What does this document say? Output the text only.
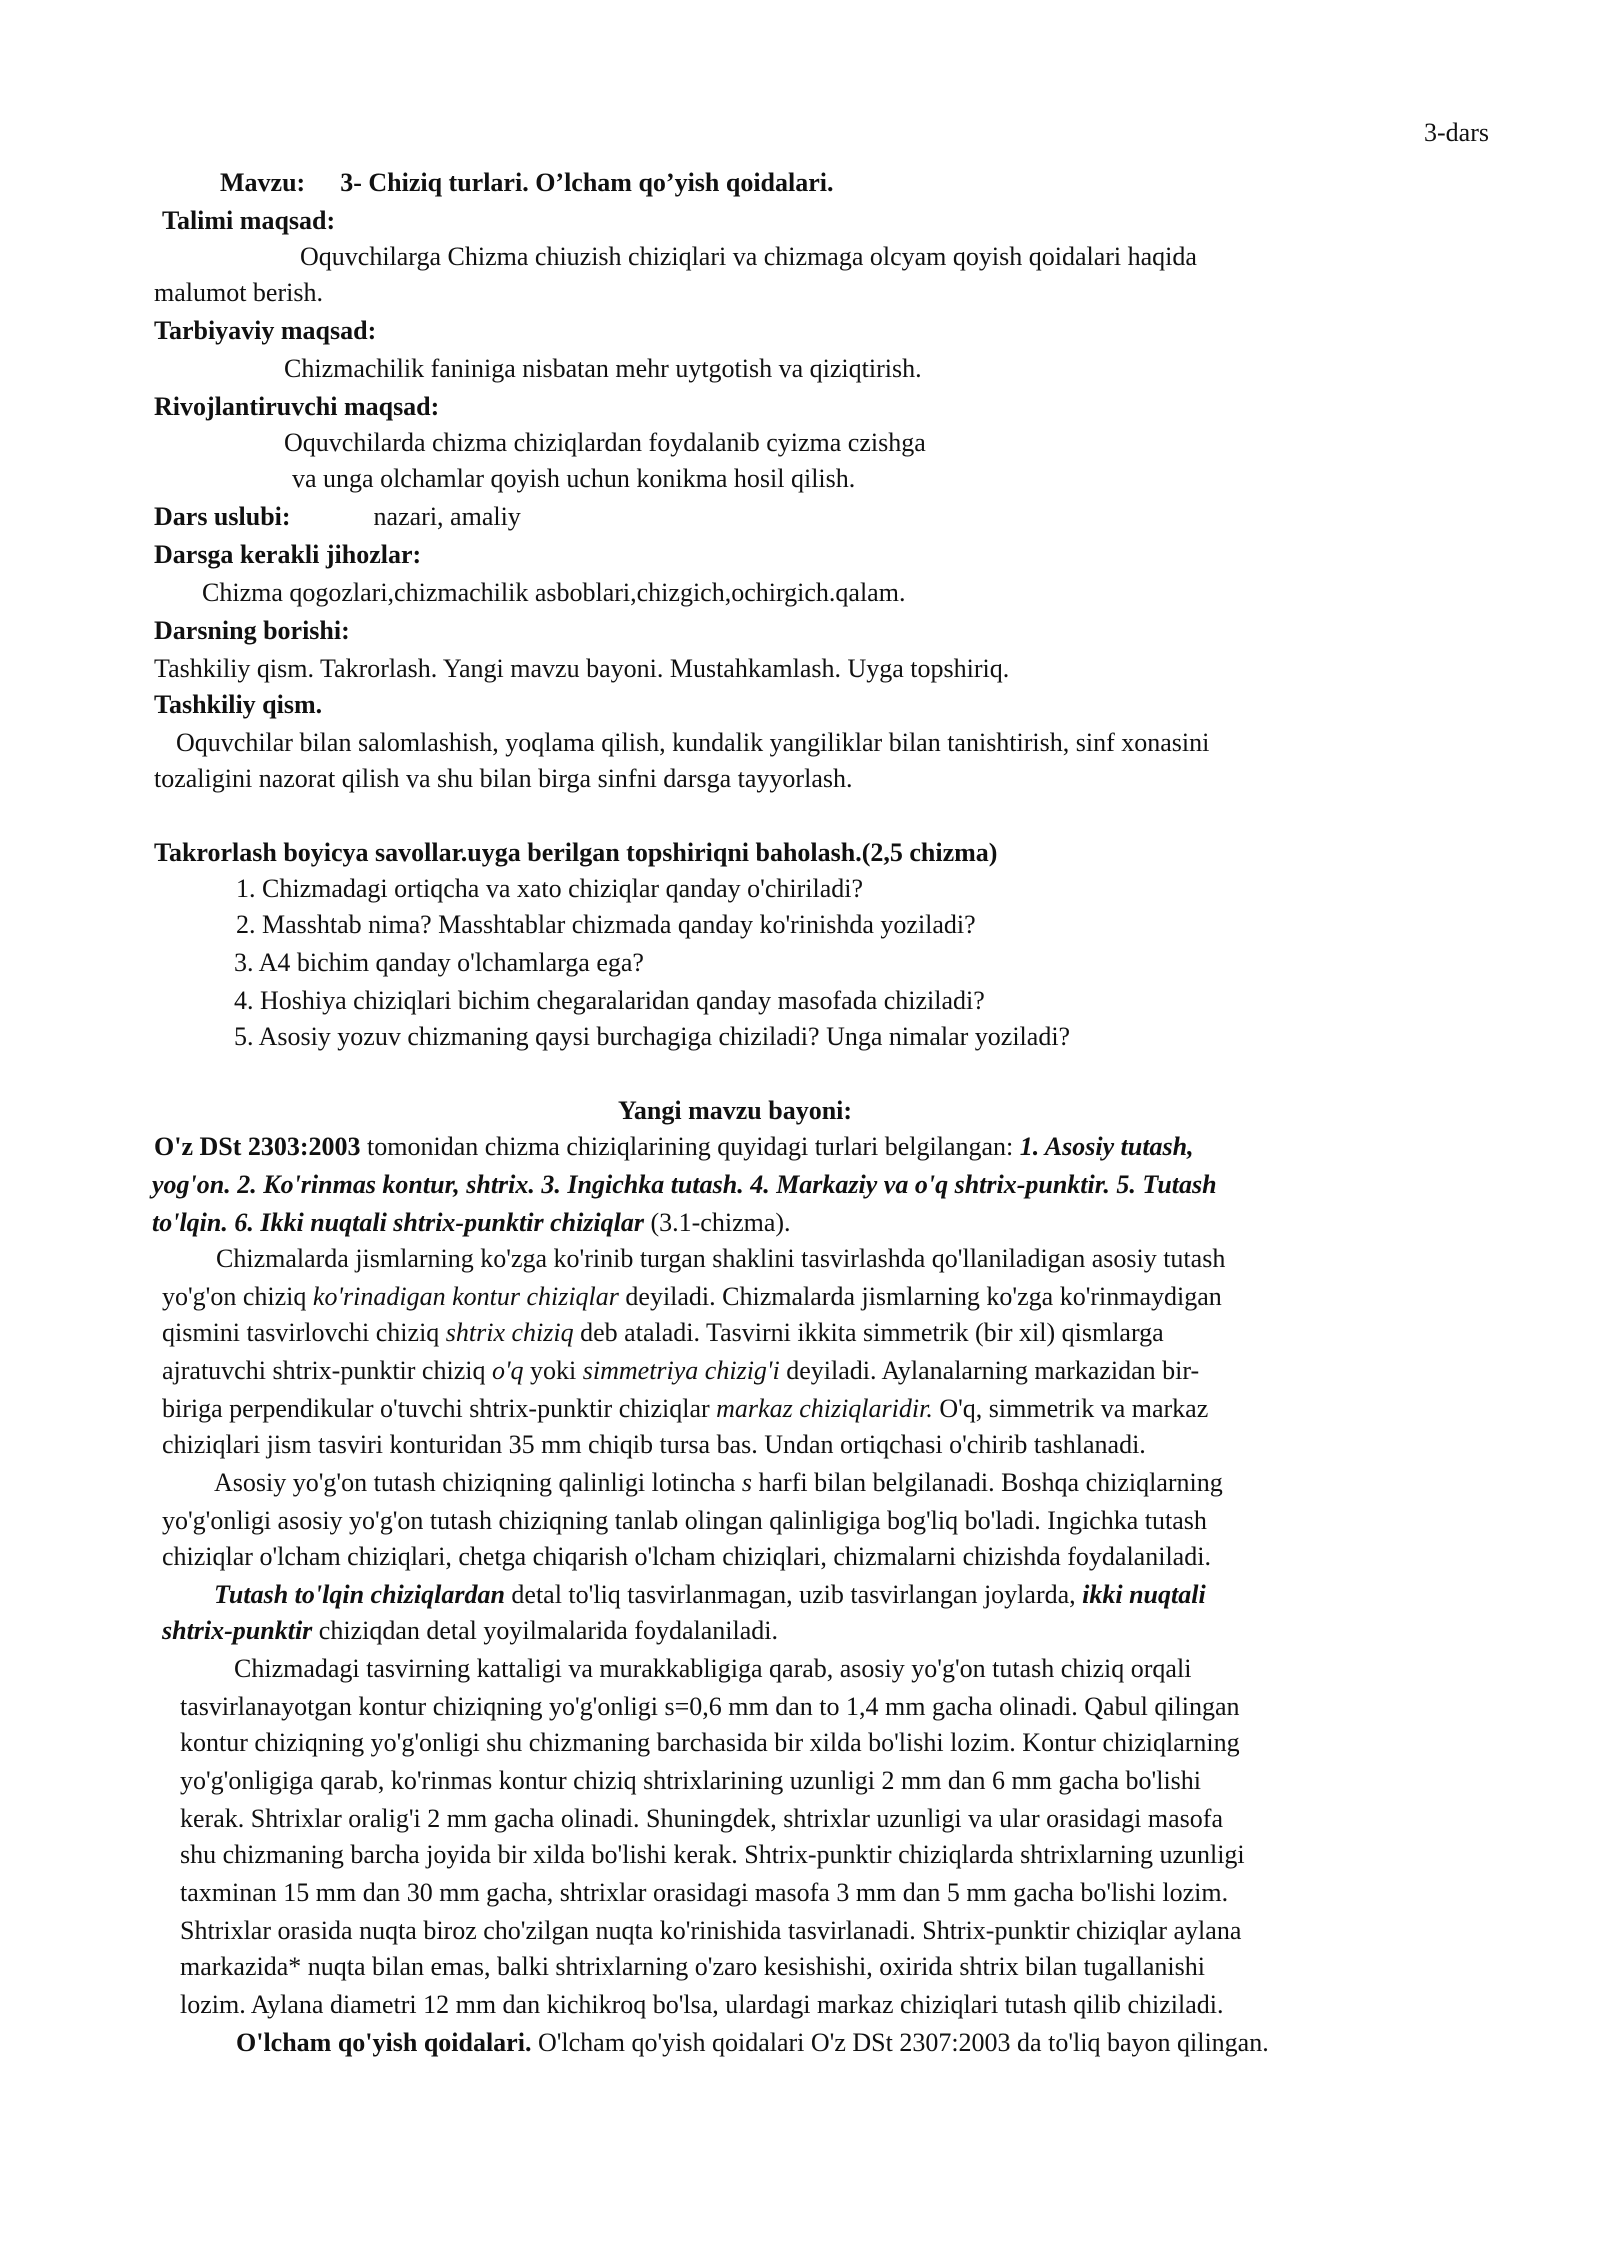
3-dars
Mavzu: 3- Chiziq turlari. O’lcham qo’yish qoidalari.
Talimi maqsad:
Oquvchilarga Chizma chiuzish chiziqlari va chizmaga olcyam qoyish qoidalari haqida
malumot berish.
Tarbiyaviy maqsad:
Chizmachilik faniniga nisbatan mehr uytgotish va qiziqtirish.
Rivojlantiruvchi maqsad:
Oquvchilarda chizma chiziqlardan foydalanib cyizma czishga
va unga olchamlar qoyish uchun konikma hosil qilish.
Dars uslubi:	nazari, amaliy
Darsga kerakli jihozlar:
Chizma qogozlari,chizmachilik asboblari,chizgich,ochirgich.qalam.
Darsning borishi:
Tashkiliy qism. Takrorlash. Yangi mavzu bayoni. Mustahkamlash. Uyga topshiriq.
Tashkiliy qism.
Oquvchilar bilan salomlashish, yoqlama qilish, kundalik yangiliklar bilan tanishtirish, sinf xonasini
tozaligini nazorat qilish va shu bilan birga sinfni darsga tayyorlash.
Takrorlash boyicya savollar.uyga berilgan topshiriqni baholash.(2,5 chizma)
1. Chizmadagi ortiqcha va xato chiziqlar qanday o'chiriladi?
2. Masshtab nima? Masshtablar chizmada qanday ko'rinishda yoziladi?
3. A4 bichim qanday o'lchamlarga ega?
4. Hoshiya chiziqlari bichim chegaralaridan qanday masofada chiziladi?
5. Asosiy yozuv chizmaning qaysi burchagiga chiziladi? Unga nimalar yoziladi?
Yangi mavzu bayoni:
O'z DSt 2303:2003 tomonidan chizma chiziqlarining quyidagi turlari belgilangan: 1. Asosiy tutash,
yog'on. 2. Ko'rinmas kontur, shtrix. 3. Ingichka tutash. 4. Markaziy va o'q shtrix-punktir. 5. Tutash
to'lqin. 6. Ikki nuqtali shtrix-punktir chiziqlar (3.1-chizma).
Chizmalarda jismlarning ko'zga ko'rinib turgan shaklini tasvirlashda qo'llaniladigan asosiy tutash
yo'g'on chiziq ko'rinadigan kontur chiziqlar deyiladi. Chizmalarda jismlarning ko'zga ko'rinmaydigan
qismini tasvirlovchi chiziq shtrix chiziq deb ataladi. Tasvirni ikkita simmetrik (bir xil) qismlarga
ajratuvchi shtrix-punktir chiziq o'q yoki simmetriya chizig'i deyiladi. Aylanalarning markazidan bir-
biriga perpendikular o'tuvchi shtrix-punktir chiziqlar markaz chiziqlaridir. O'q, simmetrik va markaz
chiziqlari jism tasviri konturidan 35 mm chiqib tursa bas. Undan ortiqchasi o'chirib tashlanadi.
Asosiy yo'g'on tutash chiziqning qalinligi lotincha s harfi bilan belgilanadi. Boshqa chiziqlarning
yo'g'onligi asosiy yo'g'on tutash chiziqning tanlab olingan qalinligiga bog'liq bo'ladi. Ingichka tutash
chiziqlar o'lcham chiziqlari, chetga chiqarish o'lcham chiziqlari, chizmalarni chizishda foydalaniladi.
Tutash to'lqin chiziqlardan detal to'liq tasvirlanmagan, uzib tasvirlangan joylarda, ikki nuqtali
shtrix-punktir chiziqdan detal yoyilmalarida foydalaniladi.
Chizmadagi tasvirning kattaligi va murakkabligiga qarab, asosiy yo'g'on tutash chiziq orqali
tasvirlanayotgan kontur chiziqning yo'g'onligi s=0,6 mm dan to 1,4 mm gacha olinadi. Qabul qilingan
kontur chiziqning yo'g'onligi shu chizmaning barchasida bir xilda bo'lishi lozim. Kontur chiziqlarning
yo'g'onligiga qarab, ko'rinmas kontur chiziq shtrixlarining uzunligi 2 mm dan 6 mm gacha bo'lishi
kerak. Shtrixlar oralig'i 2 mm gacha olinadi. Shuningdek, shtrixlar uzunligi va ular orasidagi masofa
shu chizmaning barcha joyida bir xilda bo'lishi kerak. Shtrix-punktir chiziqlarda shtrixlarning uzunligi
taxminan 15 mm dan 30 mm gacha, shtrixlar orasidagi masofa 3 mm dan 5 mm gacha bo'lishi lozim.
Shtrixlar orasida nuqta biroz cho'zilgan nuqta ko'rinishida tasvirlanadi. Shtrix-punktir chiziqlar aylana
markazida* nuqta bilan emas, balki shtrixlarning o'zaro kesishishi, oxirida shtrix bilan tugallanishi
lozim. Aylana diametri 12 mm dan kichikroq bo'lsa, ulardagi markaz chiziqlari tutash qilib chiziladi.
O'lcham qo'yish qoidalari. O'lcham qo'yish qoidalari O'z DSt 2307:2003 da to'liq bayon qilingan.
